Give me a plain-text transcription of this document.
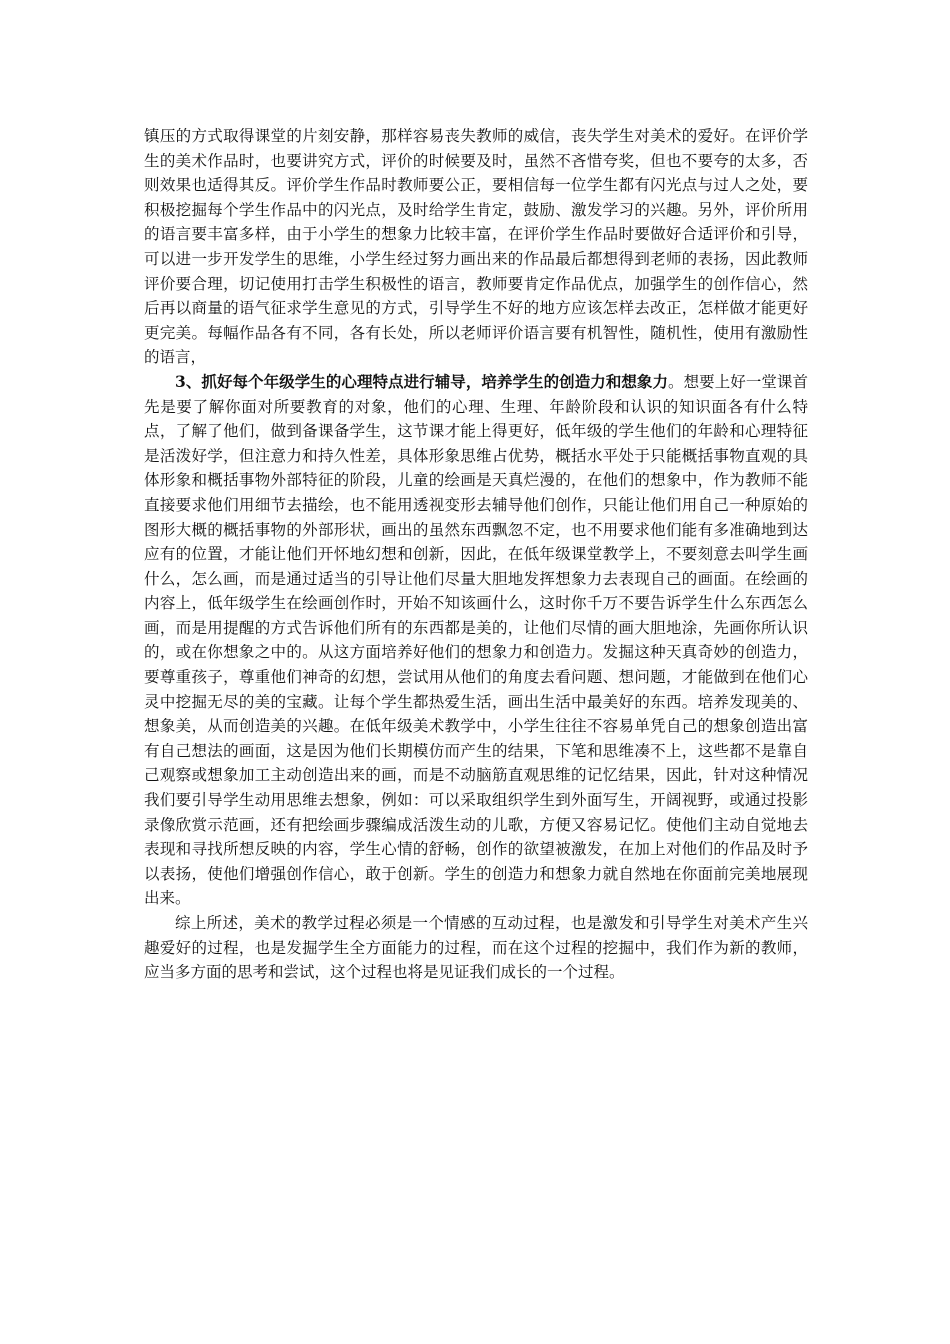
镇压的方式取得课堂的片刻安静，那样容易丧失教师的威信，丧失学生对美术的爱好。在评价学生的美术作品时，也要讲究方式，评价的时候要及时，虽然不吝惜夸奖，但也不要夸的太多，否则效果也适得其反。评价学生作品时教师要公正，要相信每一位学生都有闪光点与过人之处，要积极挖掘每个学生作品中的闪光点，及时给学生肯定，鼓励、激发学习的兴趣。另外，评价所用的语言要丰富多样，由于小学生的想象力比较丰富，在评价学生作品时要做好合适评价和引导，可以进一步开发学生的思维，小学生经过努力画出来的作品最后都想得到老师的表扬，因此教师评价要合理，切记使用打击学生积极性的语言，教师要肯定作品优点，加强学生的创作信心，然后再以商量的语气征求学生意见的方式，引导学生不好的地方应该怎样去改正，怎样做才能更好更完美。每幅作品各有不同，各有长处，所以老师评价语言要有机智性，随机性，使用有激励性的语言，

3、抓好每个年级学生的心理特点进行辅导，培养学生的创造力和想象力。想要上好一堂课首先是要了解你面对所要教育的对象，他们的心理、生理、年龄阶段和认识的知识面各有什么特点，了解了他们，做到备课备学生，这节课才能上得更好，低年级的学生他们的年龄和心理特征是活泼好学，但注意力和持久性差，具体形象思维占优势，概括水平处于只能概括事物直观的具体形象和概括事物外部特征的阶段，儿童的绘画是天真烂漫的，在他们的想象中，作为教师不能直接要求他们用细节去描绘，也不能用透视变形去辅导他们创作，只能让他们用自己一种原始的图形大概的概括事物的外部形状，画出的虽然东西飘忽不定，也不用要求他们能有多准确地到达应有的位置，才能让他们开怀地幻想和创新，因此，在低年级课堂教学上，不要刻意去叫学生画什么，怎么画，而是通过适当的引导让他们尽量大胆地发挥想象力去表现自己的画面。在绘画的内容上，低年级学生在绘画创作时，开始不知该画什么，这时你千万不要告诉学生什么东西怎么画，而是用提醒的方式告诉他们所有的东西都是美的，让他们尽情的画大胆地涂，先画你所认识的，或在你想象之中的。从这方面培养好他们的想象力和创造力。发掘这种天真奇妙的创造力，要尊重孩子，尊重他们神奇的幻想，尝试用从他们的角度去看问题、想问题，才能做到在他们心灵中挖掘无尽的美的宝藏。让每个学生都热爱生活，画出生活中最美好的东西。培养发现美的、想象美，从而创造美的兴趣。在低年级美术教学中，小学生往往不容易单凭自己的想象创造出富有自己想法的画面，这是因为他们长期模仿而产生的结果，下笔和思维凑不上，这些都不是靠自己观察或想象加工主动创造出来的画，而是不动脑筋直观思维的记忆结果，因此，针对这种情况我们要引导学生动用思维去想象，例如：可以采取组织学生到外面写生，开阔视野，或通过投影录像欣赏示范画，还有把绘画步骤编成活泼生动的儿歌，方便又容易记忆。使他们主动自觉地去表现和寻找所想反映的内容，学生心情的舒畅，创作的欲望被激发，在加上对他们的作品及时予以表扬，使他们增强创作信心，敢于创新。学生的创造力和想象力就自然地在你面前完美地展现出来。

综上所述，美术的教学过程必须是一个情感的互动过程，也是激发和引导学生对美术产生兴趣爱好的过程，也是发掘学生全方面能力的过程，而在这个过程的挖掘中，我们作为新的教师，应当多方面的思考和尝试，这个过程也将是见证我们成长的一个过程。
